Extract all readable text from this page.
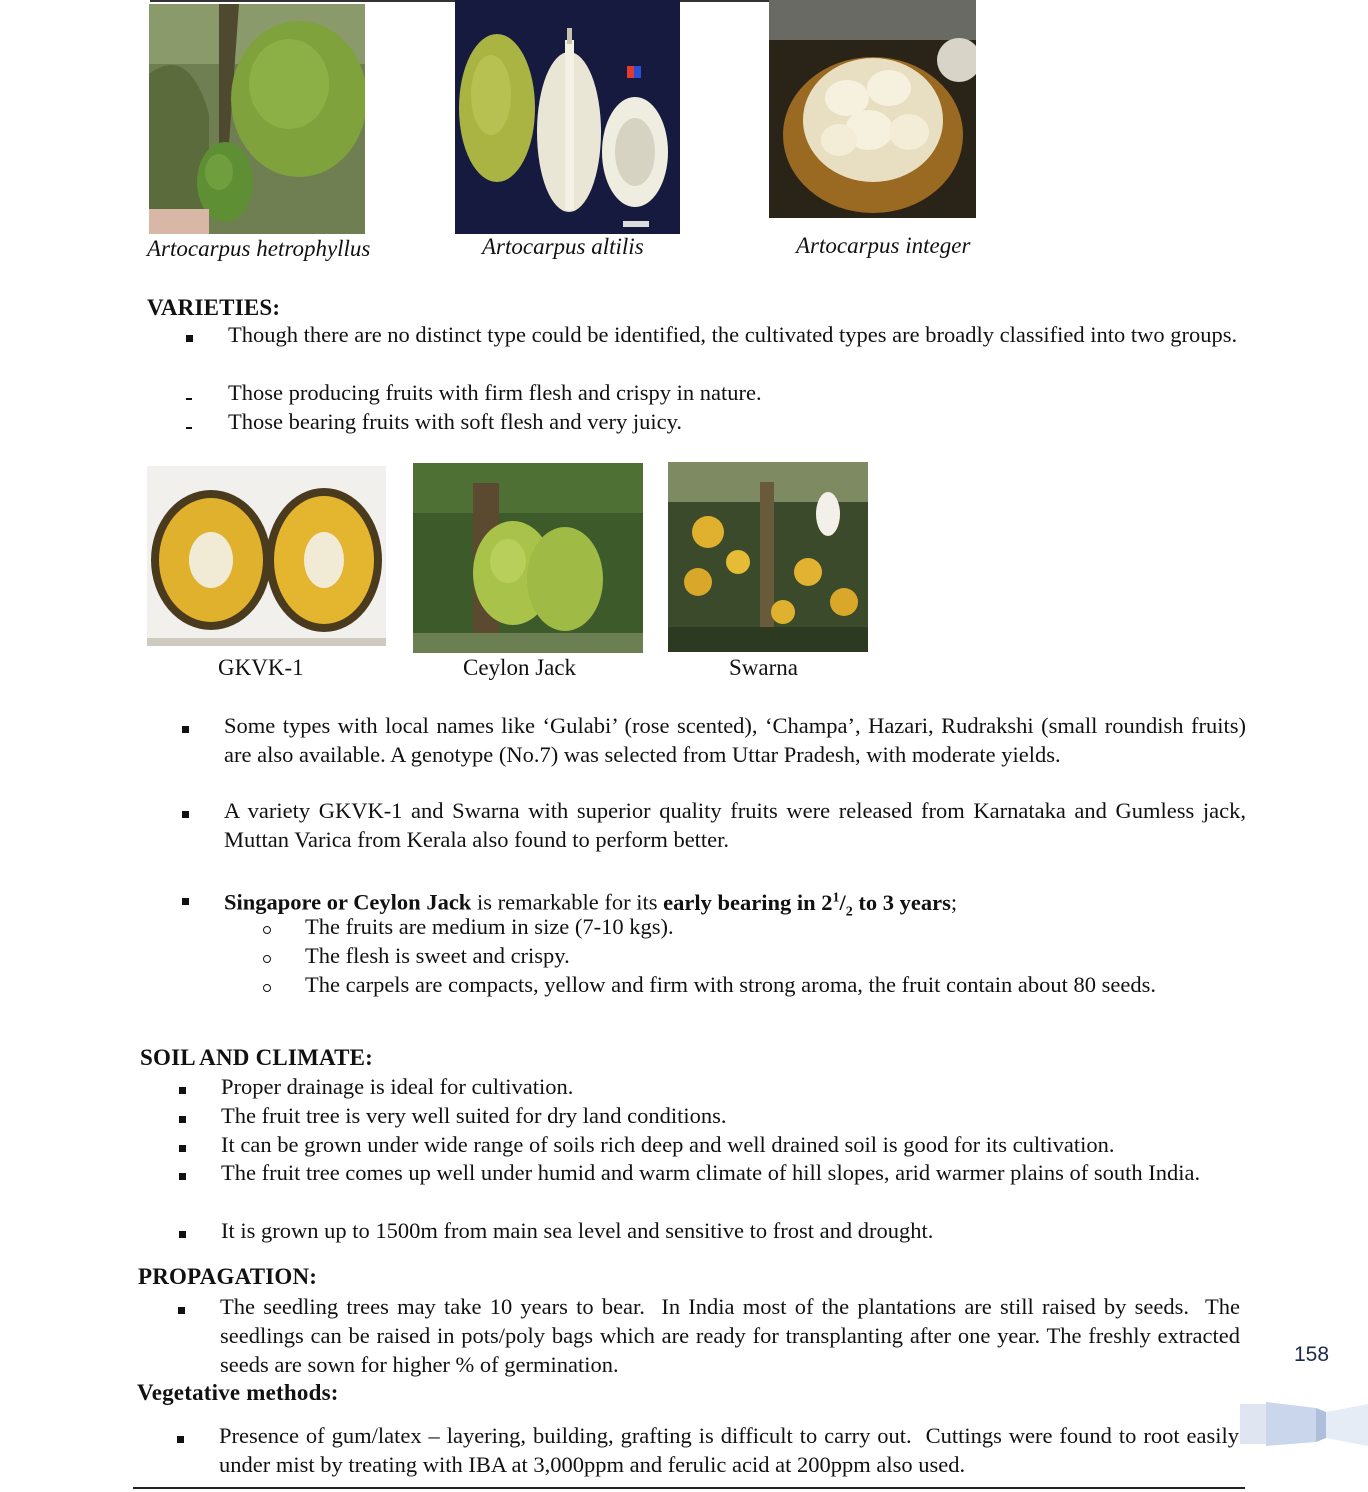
Artocarpus hetrophyllus	Artocarpus altilis	Artocarpus integer
VARIETIES:
Though there are no distinct type could be identified, the cultivated types are broadly classified into two groups.
Those producing fruits with firm flesh and crispy in nature.
Those bearing fruits with soft flesh and very juicy.
GKVK-1	Ceylon Jack	Swarna
Some types with local names like ‘Gulabi’ (rose scented), ‘Champa’, Hazari, Rudrakshi (small roundish fruits) are also available. A genotype (No.7) was selected from Uttar Pradesh, with moderate yields.
A variety GKVK-1 and Swarna with superior quality fruits were released from Karnataka and Gumless jack, Muttan Varica from Kerala also found to perform better.
Singapore or Ceylon Jack is remarkable for its early bearing in $2^1/_2$ to 3 years;
The fruits are medium in size (7-10 kgs).
The flesh is sweet and crispy.
The carpels are compacts, yellow and firm with strong aroma, the fruit contain about 80 seeds.
SOIL AND CLIMATE:
Proper drainage is ideal for cultivation.
The fruit tree is very well suited for dry land conditions.
It can be grown under wide range of soils rich deep and well drained soil is good for its cultivation.
The fruit tree comes up well under humid and warm climate of hill slopes, arid warmer plains of south India.
It is grown up to 1500m from main sea level and sensitive to frost and drought.
PROPAGATION:
The seedling trees may take 10 years to bear.  In India most of the plantations are still raised by seeds.  The seedlings can be raised in pots/poly bags which are ready for transplanting after one year. The freshly extracted seeds are sown for higher % of germination.
Vegetative methods:
Presence of gum/latex – layering, building, grafting is difficult to carry out.  Cuttings were found to root easily under mist by treating with IBA at 3,000ppm and ferulic acid at 200ppm also used.
158
